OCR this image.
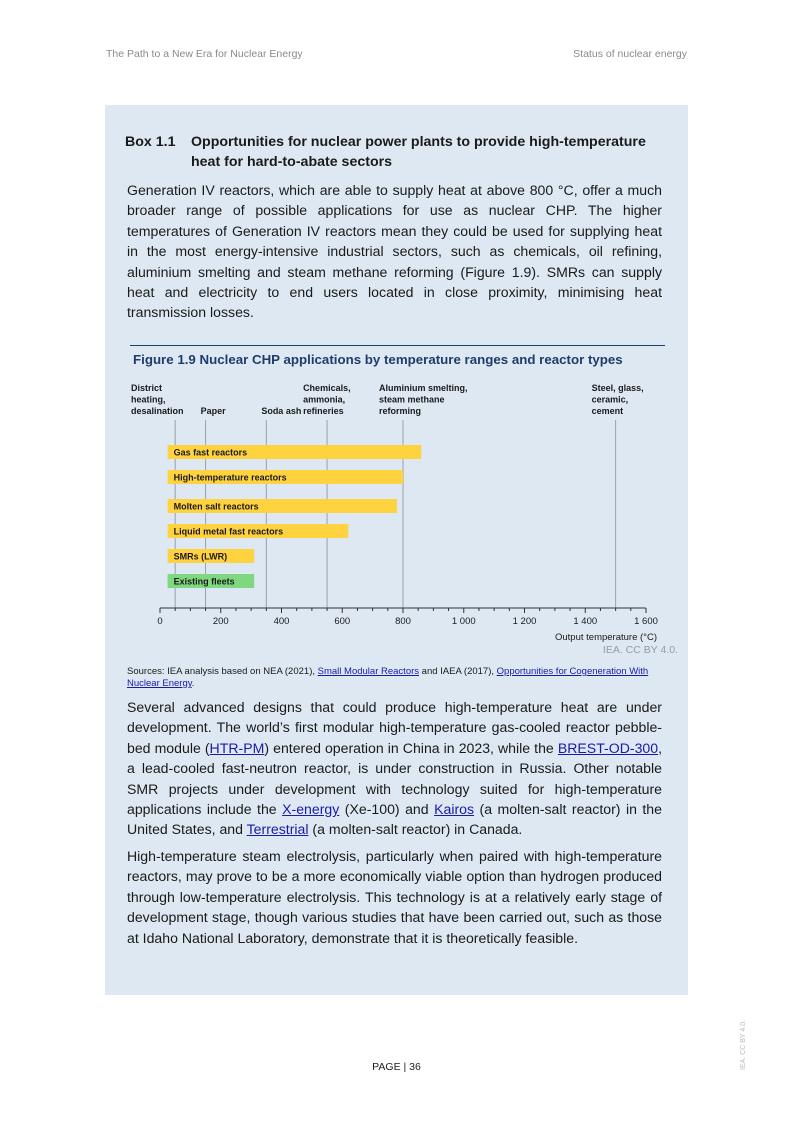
The Path to a New Era for Nuclear Energy	Status of nuclear energy
Box 1.1	Opportunities for nuclear power plants to provide high-temperature heat for hard-to-abate sectors

Generation IV reactors, which are able to supply heat at above 800 °C, offer a much broader range of possible applications for use as nuclear CHP. The higher temperatures of Generation IV reactors mean they could be used for supplying heat in the most energy-intensive industrial sectors, such as chemicals, oil refining, aluminium smelting and steam methane reforming (Figure 1.9). SMRs can supply heat and electricity to end users located in close proximity, minimising heat transmission losses.

Figure 1.9 Nuclear CHP applications by temperature ranges and reactor types
District heating, desalination Paper	Soda ash
Chemicals, ammonia, refineries
Aluminium smelting, steam methane reforming
Steel, glass, ceramic, cement
Gas fast reactors
High-temperature reactors
Molten salt reactors
Liquid metal fast reactors
SMRs (LWR)
Existing fleets
0	200	400	600	800	1 000	1 200	1 400	1 600
Output temperature (°C)
IEA. CC BY 4.0.
Sources: IEA analysis based on NEA (2021), Small Modular Reactors and IAEA (2017), Opportunities for Cogeneration With Nuclear Energy.

Several advanced designs that could produce high-temperature heat are under development. The world’s first modular high-temperature gas-cooled reactor pebble-bed module (HTR-PM) entered operation in China in 2023, while the BREST-OD-300, a lead-cooled fast-neutron reactor, is under construction in Russia. Other notable SMR projects under development with technology suited for high-temperature applications include the X-energy (Xe-100) and Kairos (a molten-salt reactor) in the United States, and Terrestrial (a molten-salt reactor) in Canada.

High-temperature steam electrolysis, particularly when paired with high-temperature reactors, may prove to be a more economically viable option than hydrogen produced through low-temperature electrolysis. This technology is at a relatively early stage of development stage, though various studies that have been carried out, such as those at Idaho National Laboratory, demonstrate that it is theoretically feasible.

PAGE | 36	IEA. CC BY 4.0.
